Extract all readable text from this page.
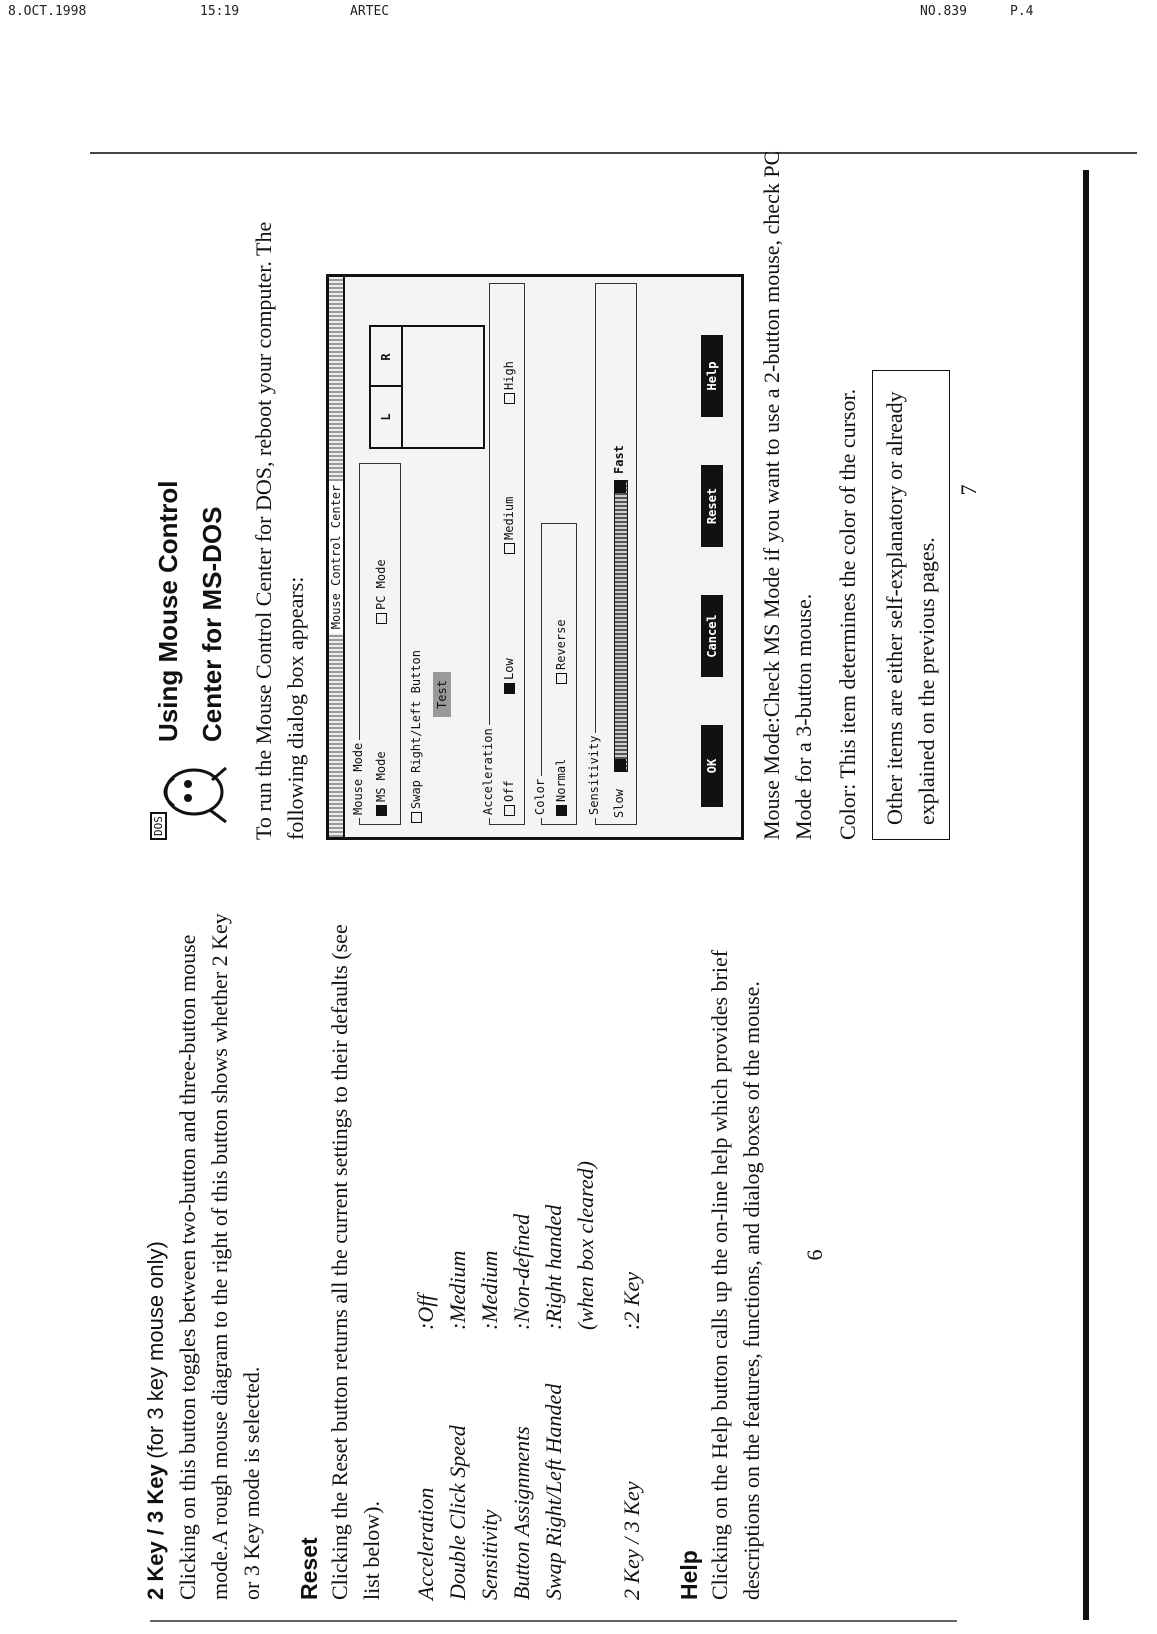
8.OCT.1998	15:19	ARTEC	NO.839	P.4

2 Key / 3 Key (for 3 key mouse only) Clicking on this button toggles between two-button and three-button mouse mode.A rough mouse diagram to the right of this button shows whether 2 Key or 3 Key mode is selected. Reset Clicking the Reset button returns all the current settings to their defaults (see list below). Acceleration
:Off
Double Click Speed
:Medium
Sensitivity
:Medium
Button Assignments
:Non-defined
Swap Right/Left Handed
:Right handed (when box cleared)
2 Key / 3 Key
:2 Key
Help Clicking on the Help button calls up the on-line help which provides brief descriptions on the features, functions, and dialog boxes of the mouse. 6
DOS
Using Mouse Control Center for MS-DOS	To run the Mouse Control Center for DOS, reboot your computer. The following dialog box appears:

Mouse Control Center
Mouse Mode MS Mode
PC Mode
Swap Right/Left Button Test
L
R
Acceleration Off
Low
Medium
High
Color Normal
Reverse
Sensitivity Slow
Fast
OK
Cancel
Reset
Help Mouse Mode:Check MS Mode if you want to use a 2-button mouse, check PC Mode for a 3-button mouse. Color: This item determines the color of the cursor. Other items are either self-explanatory or already explained on the previous pages.

7
